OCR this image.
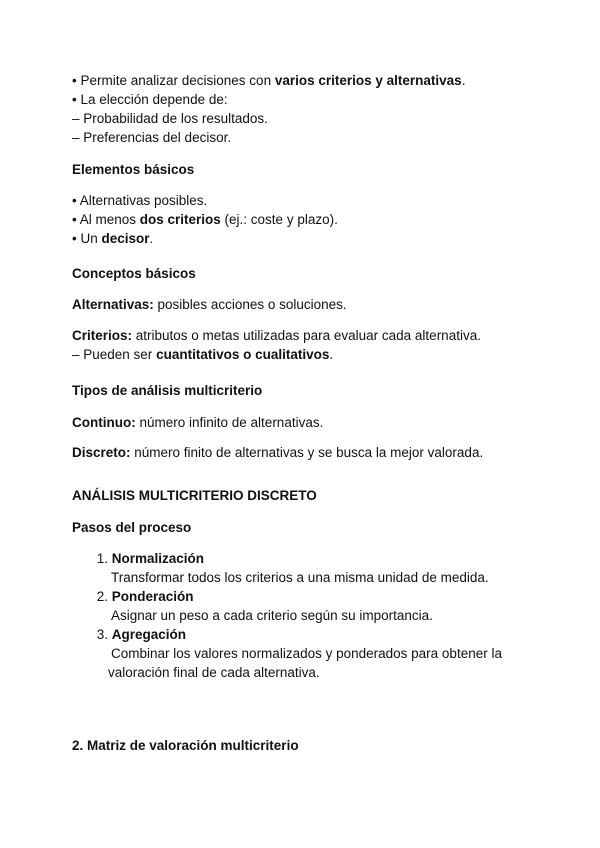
• Permite analizar decisiones con varios criterios y alternativas.
• La elección depende de:
– Probabilidad de los resultados.
– Preferencias del decisor.
Elementos básicos
• Alternativas posibles.
• Al menos dos criterios (ej.: coste y plazo).
• Un decisor.
Conceptos básicos
Alternativas: posibles acciones o soluciones.
Criterios: atributos o metas utilizadas para evaluar cada alternativa.
– Pueden ser cuantitativos o cualitativos.
Tipos de análisis multicriterio
Continuo: número infinito de alternativas.
Discreto: número finito de alternativas y se busca la mejor valorada.
ANÁLISIS MULTICRITERIO DISCRETO
Pasos del proceso
1. Normalización
Transformar todos los criterios a una misma unidad de medida.
2. Ponderación
Asignar un peso a cada criterio según su importancia.
3. Agregación
Combinar los valores normalizados y ponderados para obtener la
valoración final de cada alternativa.
2. Matriz de valoración multicriterio
